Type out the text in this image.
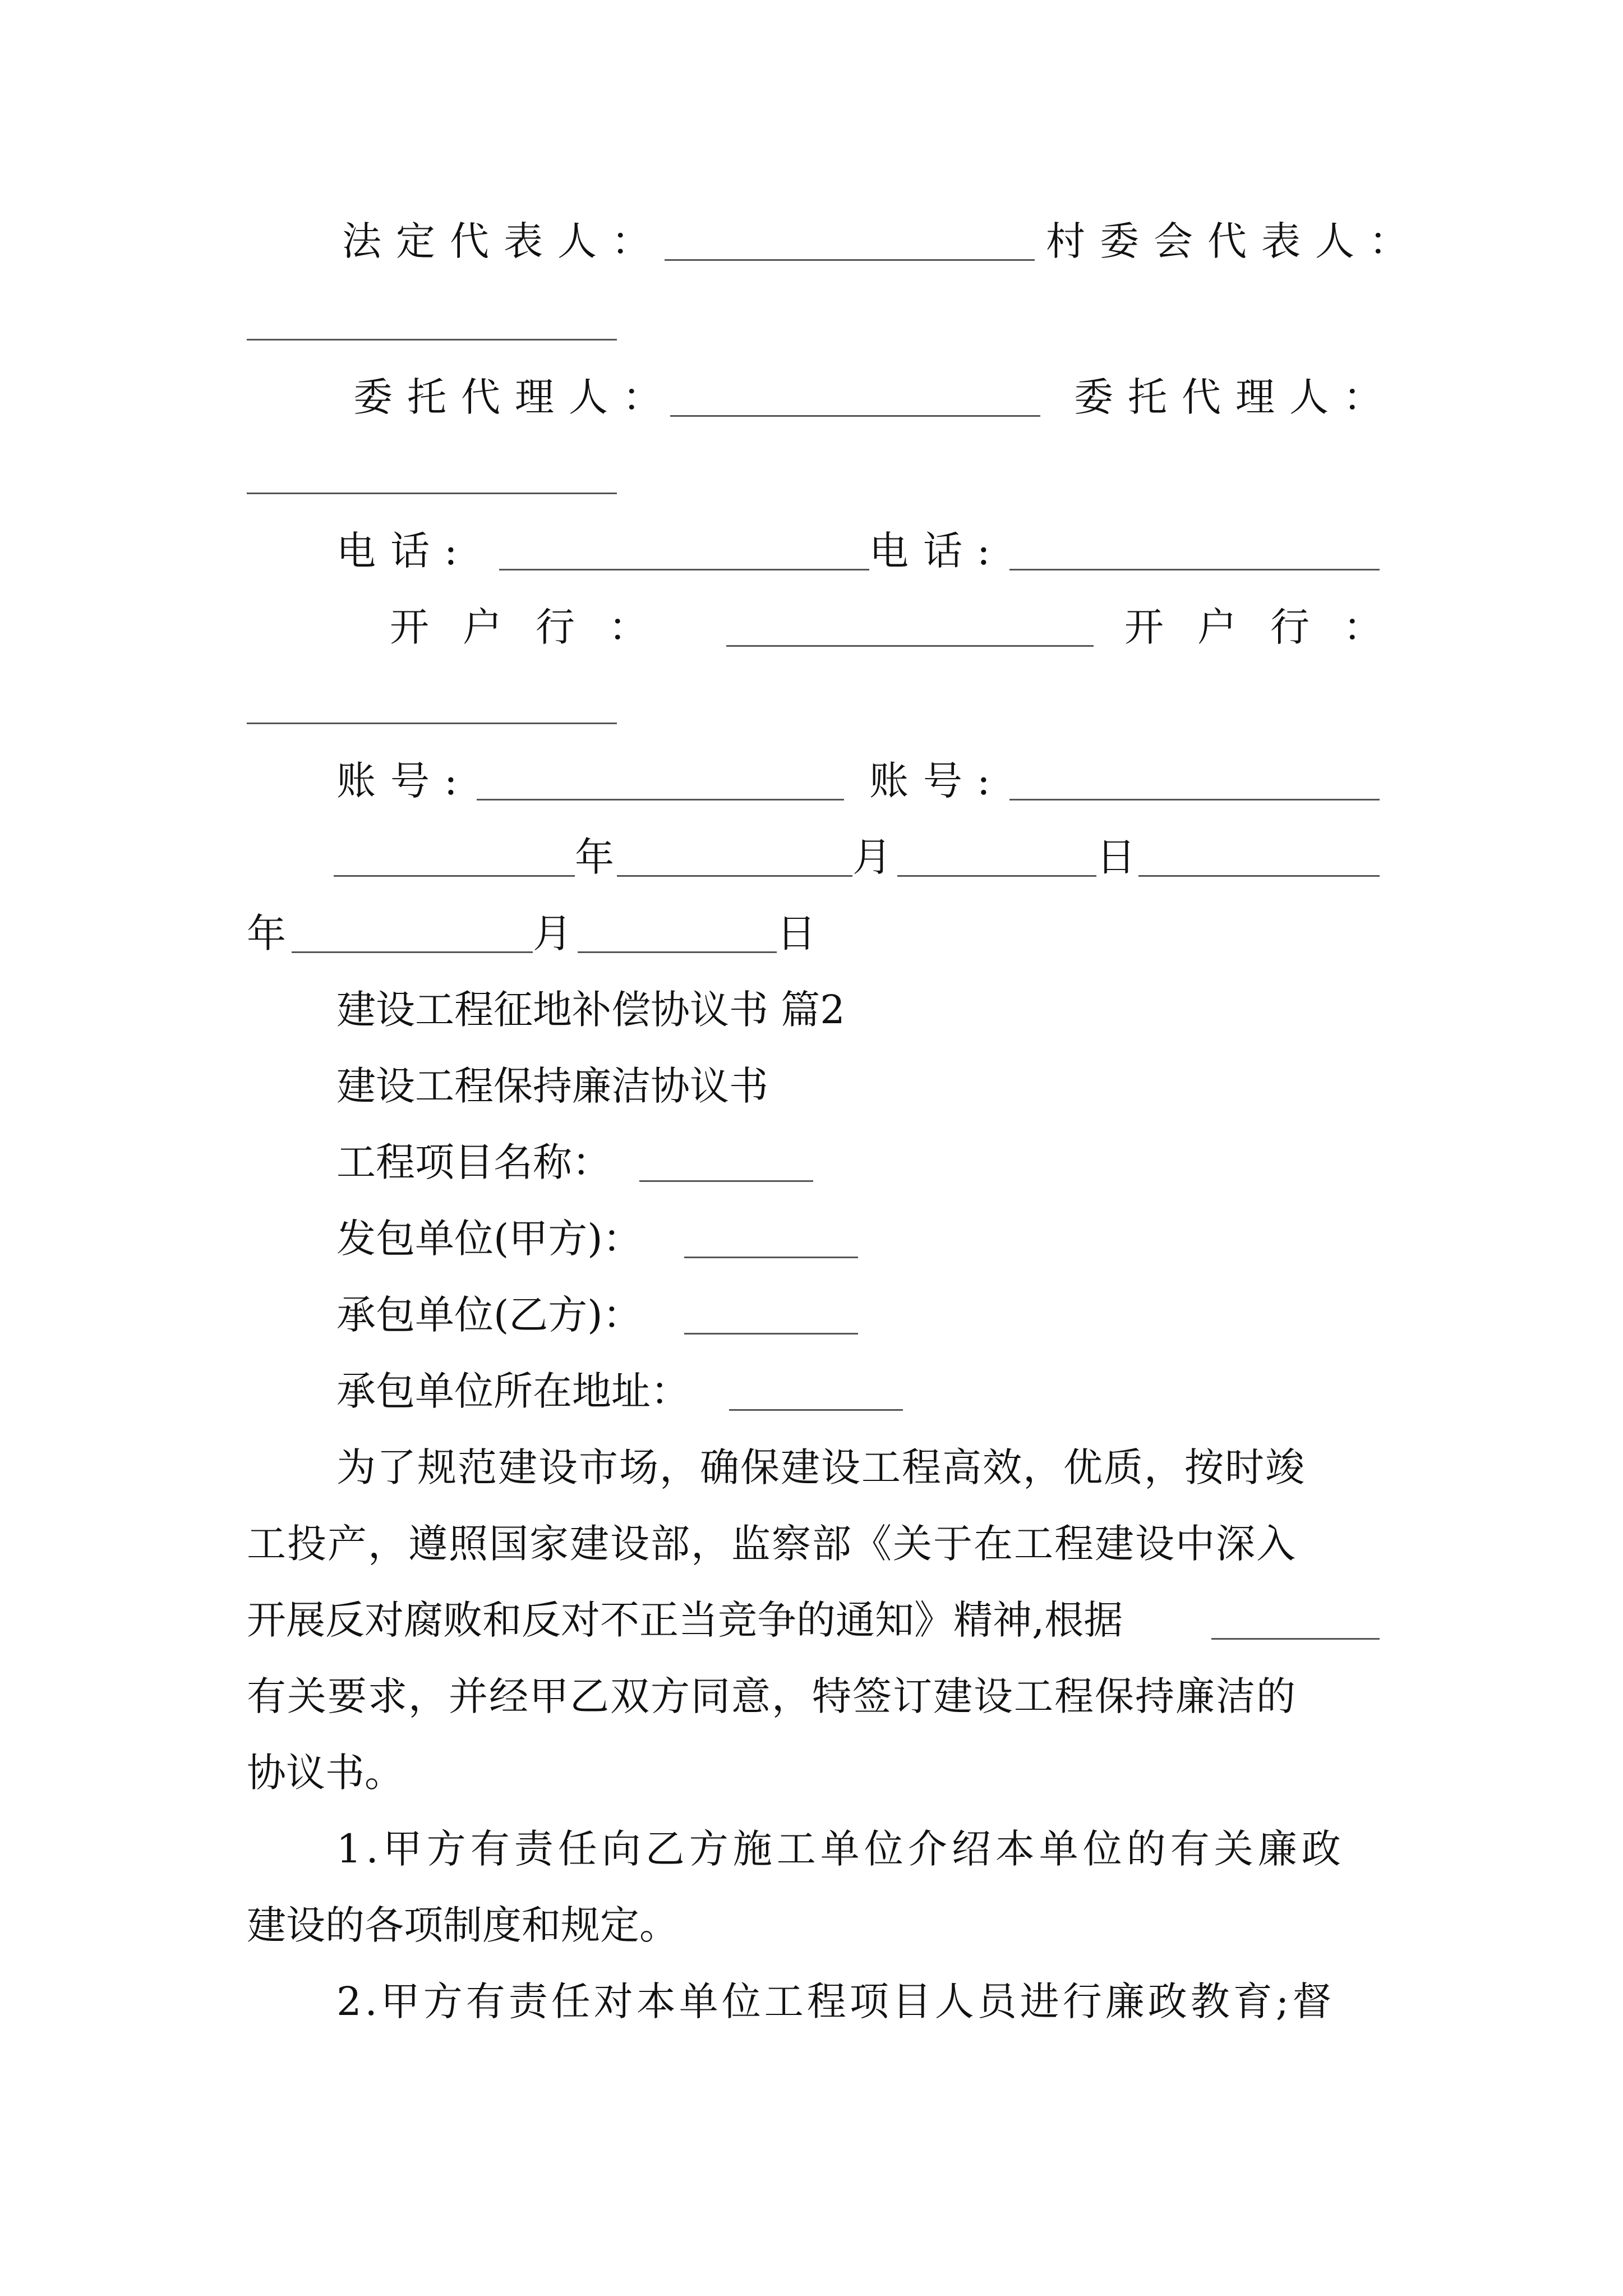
法定代表人：	村委会代表人：
委托代理人：	委托代理人：
电话:	电话:
开户行：	开户行：
账号:	账号:
年	月	日
年	月	日
建设工程征地补偿协议书 篇2
建设工程保持廉洁协议书
工程项目名称：
发包单位(甲方)：
承包单位(乙方)：
承包单位所在地址：
为了规范建设市场，确保建设工程高效，优质，按时竣
工投产，遵照国家建设部，监察部《关于在工程建设中深入
开展反对腐败和反对不正当竞争的通知》精神,根据
有关要求，并经甲乙双方同意，特签订建设工程保持廉洁的
协议书。
1.甲方有责任向乙方施工单位介绍本单位的有关廉政
建设的各项制度和规定。
2.甲方有责任对本单位工程项目人员进行廉政教育;督
